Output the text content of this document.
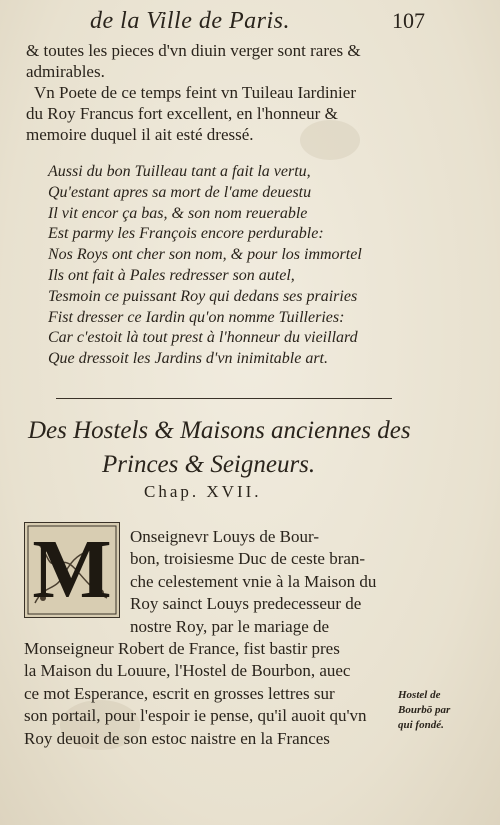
de la Ville de Paris.	107
& toutes les pieces d'vn diuin verger sont rares &
admirables.
Vn Poete de ce temps feint vn Tuileau Iardinier
du Roy Francus fort excellent, en l'honneur &
memoire duquel il ait esté dressé.
Aussi du bon Tuilleau tant a fait la vertu,
Qu'estant apres sa mort de l'ame deuestu
Il vit encor ça bas, & son nom reuerable
Est parmy les François encore perdurable:
Nos Roys ont cher son nom, & pour los immortel
Ils ont fait à Pales redresser son autel,
Tesmoin ce puissant Roy qui dedans ses prairies
Fist dresser ce Iardin qu'on nomme Tuilleries:
Car c'estoit là tout prest à l'honneur du vieillard
Que dressoit les Jardins d'vn inimitable art.
Des Hostels & Maisons anciennes des
Princes & Seigneurs.
Chap. XVII.
M	Onseignevr Louys de Bour-
bon, troisiesme Duc de ceste bran-
che celestement vnie à la Maison du
Roy sainct Louys predecesseur de
nostre Roy, par le mariage de
Monseigneur Robert de France, fist bastir pres
la Maison du Louure, l'Hostel de Bourbon, auec
ce mot Esperance, escrit en grosses lettres sur
son portail, pour l'espoir ie pense, qu'il auoit qu'vn
Roy deuoit de son estoc naistre en la Frances
Hostel de
Bourbō par
qui fondé.
